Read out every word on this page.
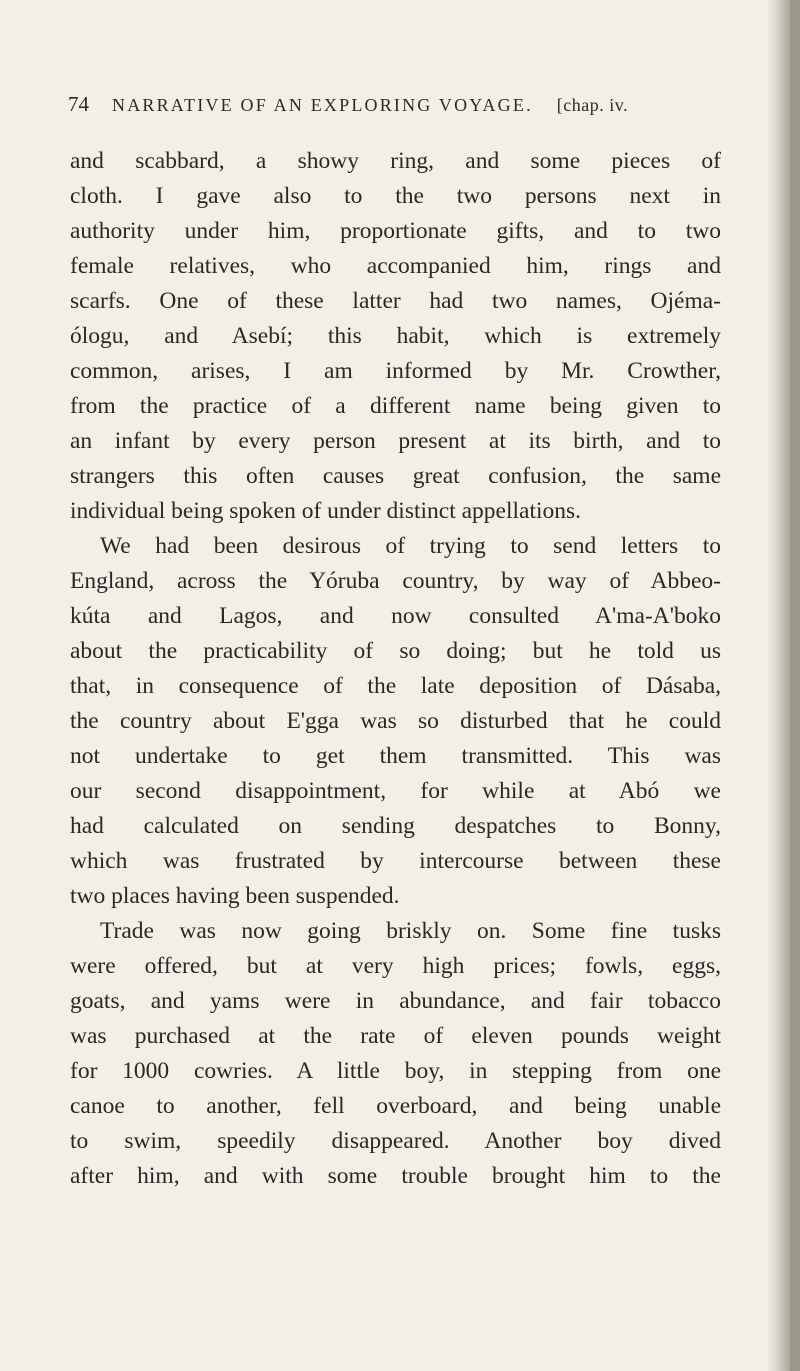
74	NARRATIVE OF AN EXPLORING VOYAGE. [chap. iv.
and scabbard, a showy ring, and some pieces of
cloth. I gave also to the two persons next in
authority under him, proportionate gifts, and to two
female relatives, who accompanied him, rings and
scarfs. One of these latter had two names, Ojéma-
ólogu, and Asebí; this habit, which is extremely
common, arises, I am informed by Mr. Crowther,
from the practice of a different name being given to
an infant by every person present at its birth, and to
strangers this often causes great confusion, the same
individual being spoken of under distinct appellations.
We had been desirous of trying to send letters to
England, across the Yóruba country, by way of Abbeo-
kúta and Lagos, and now consulted A'ma-A'boko
about the practicability of so doing; but he told us
that, in consequence of the late deposition of Dásaba,
the country about E'gga was so disturbed that he could
not undertake to get them transmitted. This was
our second disappointment, for while at Abó we
had calculated on sending despatches to Bonny,
which was frustrated by intercourse between these
two places having been suspended.
Trade was now going briskly on. Some fine tusks
were offered, but at very high prices; fowls, eggs,
goats, and yams were in abundance, and fair tobacco
was purchased at the rate of eleven pounds weight
for 1000 cowries. A little boy, in stepping from one
canoe to another, fell overboard, and being unable
to swim, speedily disappeared. Another boy dived
after him, and with some trouble brought him to the
